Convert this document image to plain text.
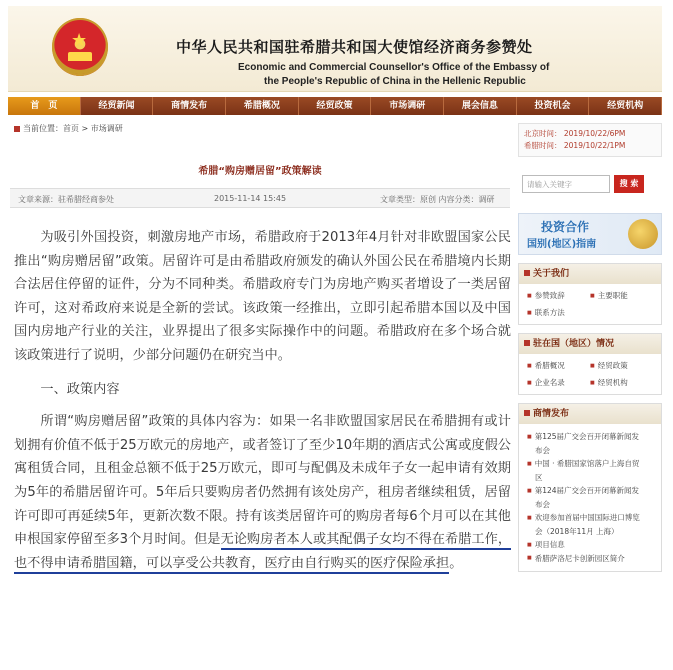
★	中华人民共和国驻希腊共和国大使馆经济商务参赞处
Economic and Commercial Counsellor's Office of the Embassy of
the People's Republic of China in the Hellenic Republic
首　页	经贸新闻	商情发布	希腊概况	经贸政策	市场调研	展会信息	投资机会	经贸机构
当前位置：首页 > 市场调研
希腊“购房赠居留”政策解读
文章来源：驻希腊经商参处	2015-11-14 15:45	文章类型：原创 内容分类：调研

为吸引外国投资，刺激房地产市场，希腊政府于2013年4月针对非欧盟国家公民推出“购房赠居留”政策。居留许可是由希腊政府颁发的确认外国公民在希腊境内长期合法居住停留的证件，分为不同种类。希腊政府专门为房地产购买者增设了一类居留许可，这对希政府来说是全新的尝试。该政策一经推出，立即引起希腊本国以及中国国内房地产行业的关注，业界提出了很多实际操作中的问题。希腊政府在多个场合就该政策进行了说明，少部分问题仍在研究当中。

一、政策内容

所谓“购房赠居留”政策的具体内容为：如果一名非欧盟国家居民在希腊拥有或计划拥有价值不低于25万欧元的房地产，或者签订了至少10年期的酒店式公寓或度假公寓租赁合同，且租金总额不低于25万欧元，即可与配偶及未成年子女一起申请有效期为5年的希腊居留许可。5年后只要购房者仍然拥有该处房产，租房者继续租赁，居留许可即可再延续5年，更新次数不限。持有该类居留许可的购房者每6个月可以在其他申根国家停留至多3个月时间。但是无论购房者本人或其配偶子女均不得在希腊工作，也不得申请希腊国籍，可以享受公共教育，医疗由自行购买的医疗保险承担。

北京时间： 2019/10/22/6PM
希腊时间： 2019/10/22/1PM
请输入关键字	搜 索
投资合作
国别(地区)指南
关于我们
■ 参赞致辞	■ 主要职能
■ 联系方法
驻在国（地区）情况
■ 希腊概况	■ 经贸政策
■ 企业名录	■ 经贸机构
商情发布
■ 第125届广交会百开闭幕新闻发
布会
■ 中国 · 希腊国家馆落户上海自贸
区
■ 第124届广交会百开闭幕新闻发
布会
■ 欢迎参加首届中国国际进口博览
会（2018年11月 上海）
■ 项目信息
■ 希腊萨洛尼卡创新园区简介
